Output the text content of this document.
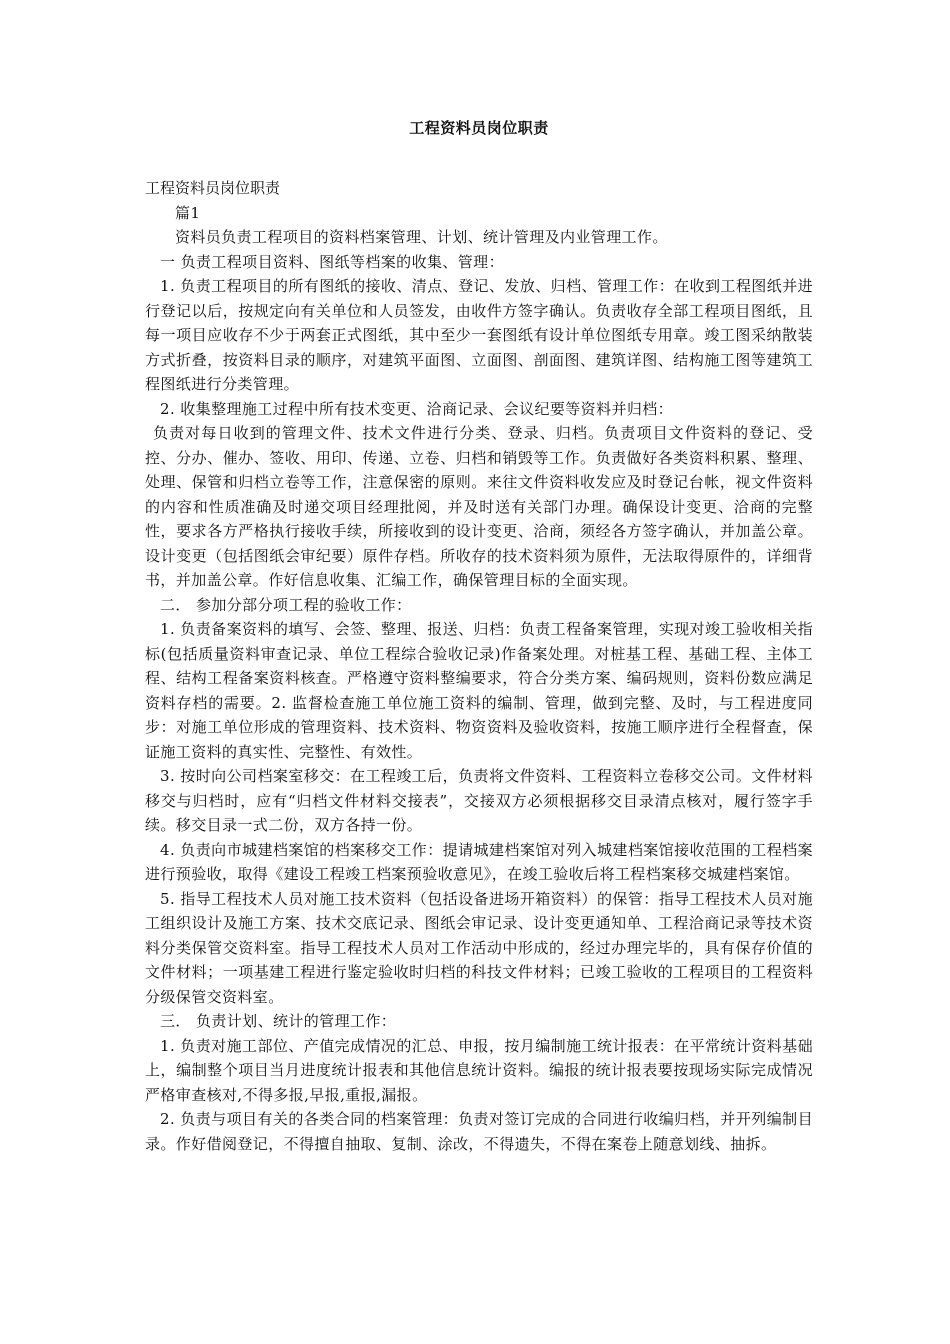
工程资料员岗位职责

工程资料员岗位职责

篇1

资料员负责工程项目的资料档案管理、计划、统计管理及内业管理工作。

一 负责工程项目资料、图纸等档案的收集、管理：

1. 负责工程项目的所有图纸的接收、清点、登记、发放、归档、管理工作：在收到工程图纸并进行登记以后，按规定向有关单位和人员签发，由收件方签字确认。负责收存全部工程项目图纸，且每一项目应收存不少于两套正式图纸，其中至少一套图纸有设计单位图纸专用章。竣工图采纳散装方式折叠，按资料目录的顺序，对建筑平面图、立面图、剖面图、建筑详图、结构施工图等建筑工程图纸进行分类管理。

2. 收集整理施工过程中所有技术变更、洽商记录、会议纪要等资料并归档：

负责对每日收到的管理文件、技术文件进行分类、登录、归档。负责项目文件资料的登记、受控、分办、催办、签收、用印、传递、立卷、归档和销毁等工作。负责做好各类资料积累、整理、处理、保管和归档立卷等工作，注意保密的原则。来往文件资料收发应及时登记台帐，视文件资料的内容和性质准确及时递交项目经理批阅，并及时送有关部门办理。确保设计变更、洽商的完整性，要求各方严格执行接收手续，所接收到的设计变更、洽商，须经各方签字确认，并加盖公章。设计变更（包括图纸会审纪要）原件存档。所收存的技术资料须为原件，无法取得原件的，详细背书，并加盖公章。作好信息收集、汇编工作，确保管理目标的全面实现。

二． 参加分部分项工程的验收工作：

1. 负责备案资料的填写、会签、整理、报送、归档：负责工程备案管理，实现对竣工验收相关指标(包括质量资料审查记录、单位工程综合验收记录)作备案处理。对桩基工程、基础工程、主体工程、结构工程备案资料核查。严格遵守资料整编要求，符合分类方案、编码规则，资料份数应满足资料存档的需要。2. 监督检查施工单位施工资料的编制、管理，做到完整、及时，与工程进度同步：对施工单位形成的管理资料、技术资料、物资资料及验收资料，按施工顺序进行全程督查，保证施工资料的真实性、完整性、有效性。

3. 按时向公司档案室移交：在工程竣工后，负责将文件资料、工程资料立卷移交公司。文件材料移交与归档时，应有“归档文件材料交接表”，交接双方必须根据移交目录清点核对，履行签字手续。移交目录一式二份，双方各持一份。

4. 负责向市城建档案馆的档案移交工作：提请城建档案馆对列入城建档案馆接收范围的工程档案进行预验收，取得《建设工程竣工档案预验收意见》，在竣工验收后将工程档案移交城建档案馆。

5. 指导工程技术人员对施工技术资料（包括设备进场开箱资料）的保管：指导工程技术人员对施工组织设计及施工方案、技术交底记录、图纸会审记录、设计变更通知单、工程洽商记录等技术资料分类保管交资料室。指导工程技术人员对工作活动中形成的，经过办理完毕的，具有保存价值的文件材料；一项基建工程进行鉴定验收时归档的科技文件材料；已竣工验收的工程项目的工程资料分级保管交资料室。

三． 负责计划、统计的管理工作：

1. 负责对施工部位、产值完成情况的汇总、申报，按月编制施工统计报表：在平常统计资料基础上，编制整个项目当月进度统计报表和其他信息统计资料。编报的统计报表要按现场实际完成情况严格审查核对,不得多报,早报,重报,漏报。

2. 负责与项目有关的各类合同的档案管理：负责对签订完成的合同进行收编归档，并开列编制目录。作好借阅登记，不得擅自抽取、复制、涂改，不得遗失，不得在案卷上随意划线、抽拆。
